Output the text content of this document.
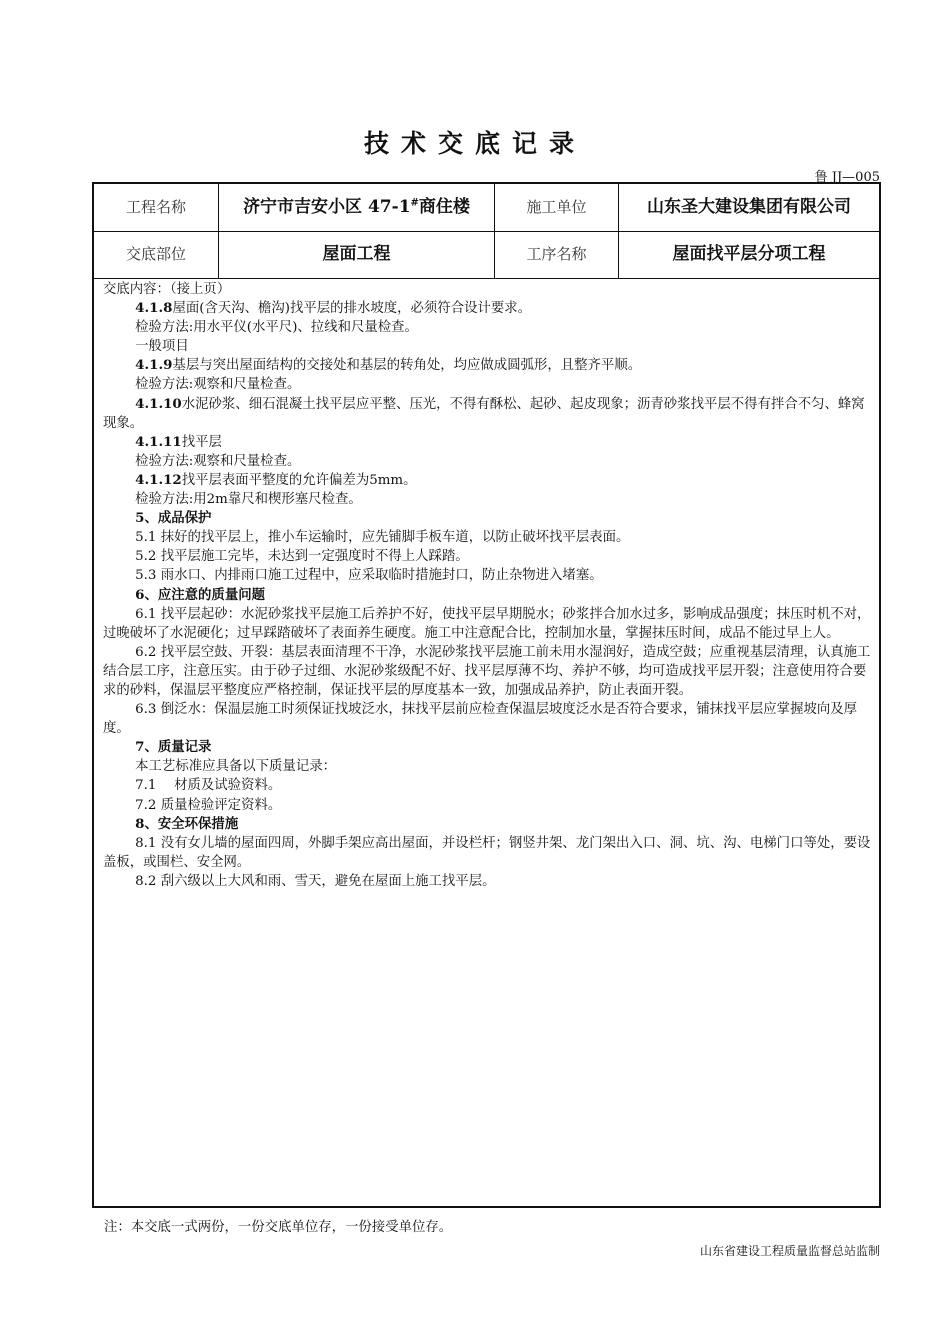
技术交底记录
鲁 JJ—005
工程名称	济宁市吉安小区 47-1#商住楼	施工单位	山东圣大建设集团有限公司
交底部位	屋面工程	工序名称	屋面找平层分项工程

交底内容：（接上页）

4.1.8屋面(含天沟、檐沟)找平层的排水坡度，必须符合设计要求。

检验方法:用水平仪(水平尺)、拉线和尺量检查。

一般项目

4.1.9基层与突出屋面结构的交接处和基层的转角处，均应做成圆弧形，且整齐平顺。

检验方法:观察和尺量检查。

4.1.10水泥砂浆、细石混凝土找平层应平整、压光，不得有酥松、起砂、起皮现象；沥青砂浆找平层不得有拌合不匀、蜂窝现象。

4.1.11找平层

检验方法:观察和尺量检查。

4.1.12找平层表面平整度的允许偏差为5mm。

检验方法:用2m靠尺和楔形塞尺检查。

5、成品保护

5.1 抹好的找平层上，推小车运输时，应先铺脚手板车道，以防止破坏找平层表面。

5.2 找平层施工完毕，未达到一定强度时不得上人踩踏。

5.3 雨水口、内排雨口施工过程中，应采取临时措施封口，防止杂物进入堵塞。

6、应注意的质量问题

6.1 找平层起砂：水泥砂浆找平层施工后养护不好，使找平层早期脱水；砂浆拌合加水过多，影响成品强度；抹压时机不对，过晚破坏了水泥硬化；过早踩踏破坏了表面养生硬度。施工中注意配合比，控制加水量，掌握抹压时间，成品不能过早上人。

6.2 找平层空鼓、开裂：基层表面清理不干净，水泥砂浆找平层施工前未用水湿润好，造成空鼓；应重视基层清理，认真施工结合层工序，注意压实。由于砂子过细、水泥砂浆级配不好、找平层厚薄不均、养护不够，均可造成找平层开裂；注意使用符合要求的砂料，保温层平整度应严格控制，保证找平层的厚度基本一致，加强成品养护，防止表面开裂。

6.3 倒泛水：保温层施工时须保证找坡泛水，抹找平层前应检查保温层坡度泛水是否符合要求，铺抹找平层应掌握坡向及厚度。

7、质量记录

本工艺标准应具备以下质量记录：

7.1　 材质及试验资料。

7.2 质量检验评定资料。

8、安全环保措施

8.1 没有女儿墙的屋面四周，外脚手架应高出屋面，并设栏杆；钢竖井架、龙门架出入口、洞、坑、沟、电梯门口等处，要设盖板，或围栏、安全网。

8.2 刮六级以上大风和雨、雪天，避免在屋面上施工找平层。

注：本交底一式两份，一份交底单位存，一份接受单位存。
山东省建设工程质量监督总站监制
